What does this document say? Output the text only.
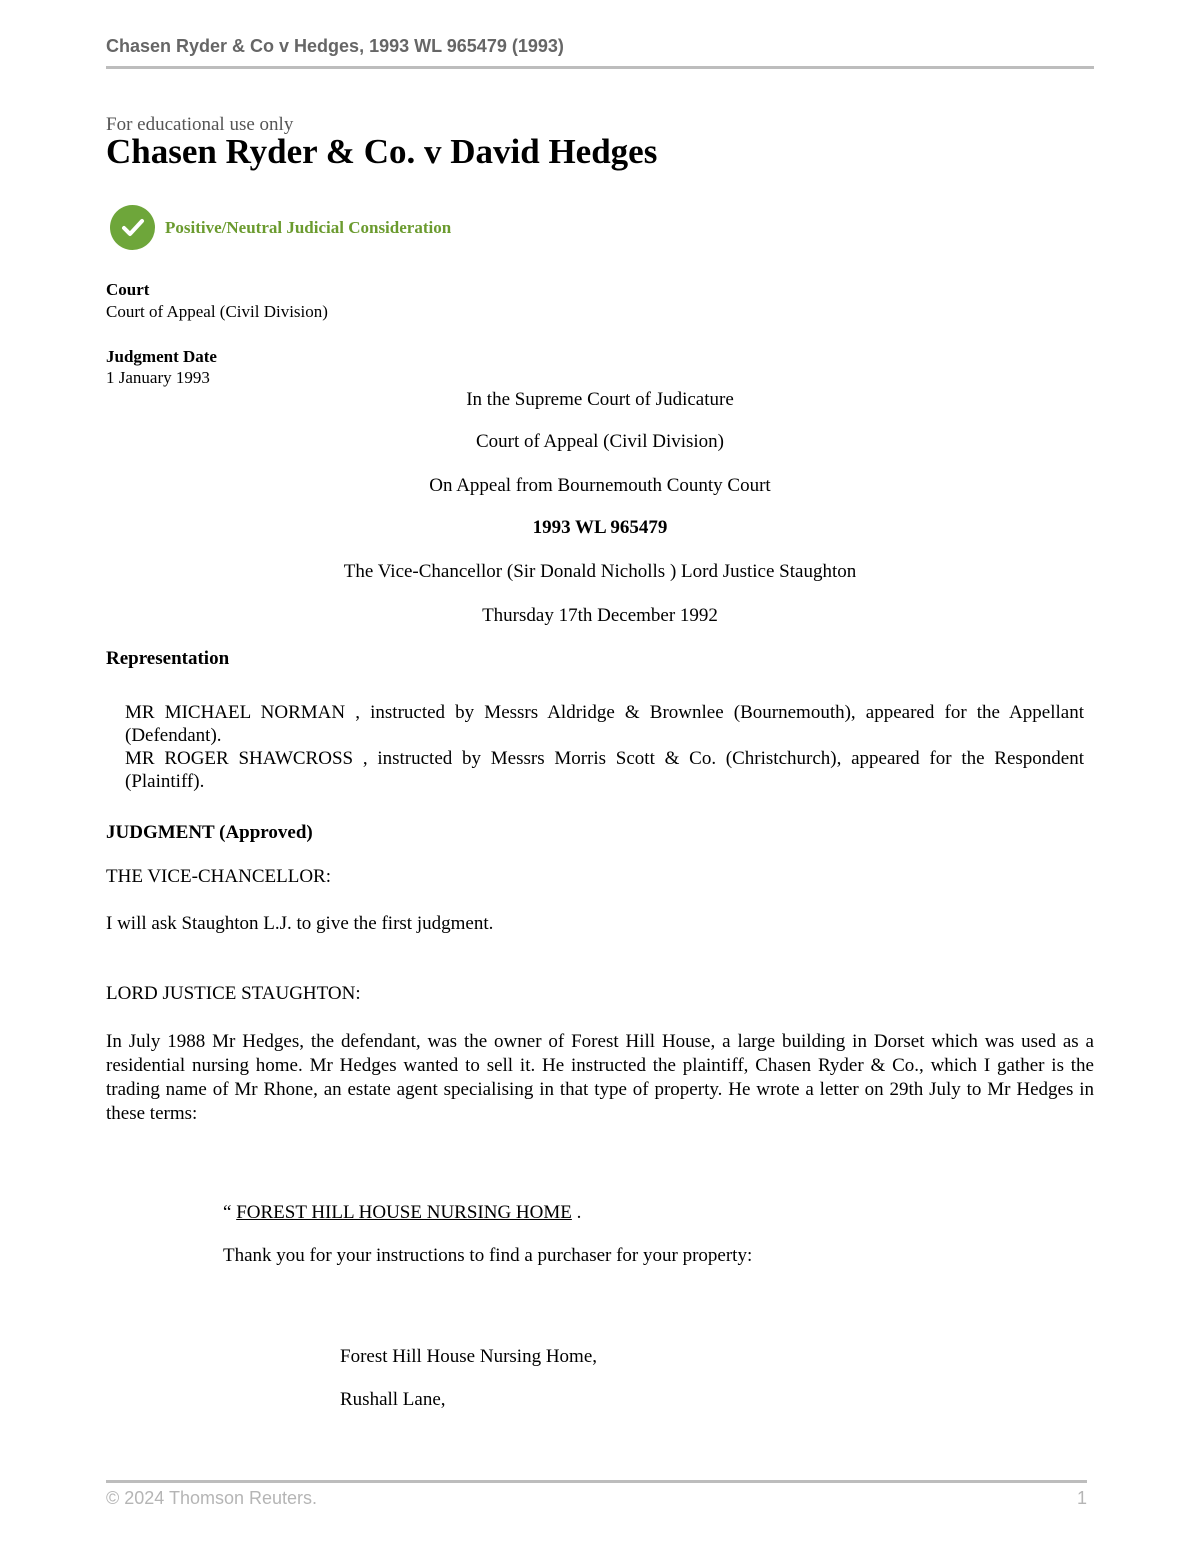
Chasen Ryder & Co v Hedges, 1993 WL 965479 (1993)
For educational use only
Chasen Ryder & Co. v David Hedges
Positive/Neutral Judicial Consideration
Court
Court of Appeal (Civil Division)
Judgment Date
1 January 1993
In the Supreme Court of Judicature
Court of Appeal (Civil Division)
On Appeal from Bournemouth County Court
1993 WL 965479
The Vice-Chancellor (Sir Donald Nicholls ) Lord Justice Staughton
Thursday 17th December 1992
Representation
MR MICHAEL NORMAN , instructed by Messrs Aldridge & Brownlee (Bournemouth), appeared for the Appellant (Defendant).
MR ROGER SHAWCROSS , instructed by Messrs Morris Scott & Co. (Christchurch), appeared for the Respondent (Plaintiff).
JUDGMENT (Approved)
THE VICE-CHANCELLOR:
I will ask Staughton L.J. to give the first judgment.
LORD JUSTICE STAUGHTON:
In July 1988 Mr Hedges, the defendant, was the owner of Forest Hill House, a large building in Dorset which was used as a residential nursing home. Mr Hedges wanted to sell it. He instructed the plaintiff, Chasen Ryder & Co., which I gather is the trading name of Mr Rhone, an estate agent specialising in that type of property. He wrote a letter on 29th July to Mr Hedges in these terms:
“ FOREST HILL HOUSE NURSING HOME .
Thank you for your instructions to find a purchaser for your property:
Forest Hill House Nursing Home,
Rushall Lane,
© 2024 Thomson Reuters.	1
